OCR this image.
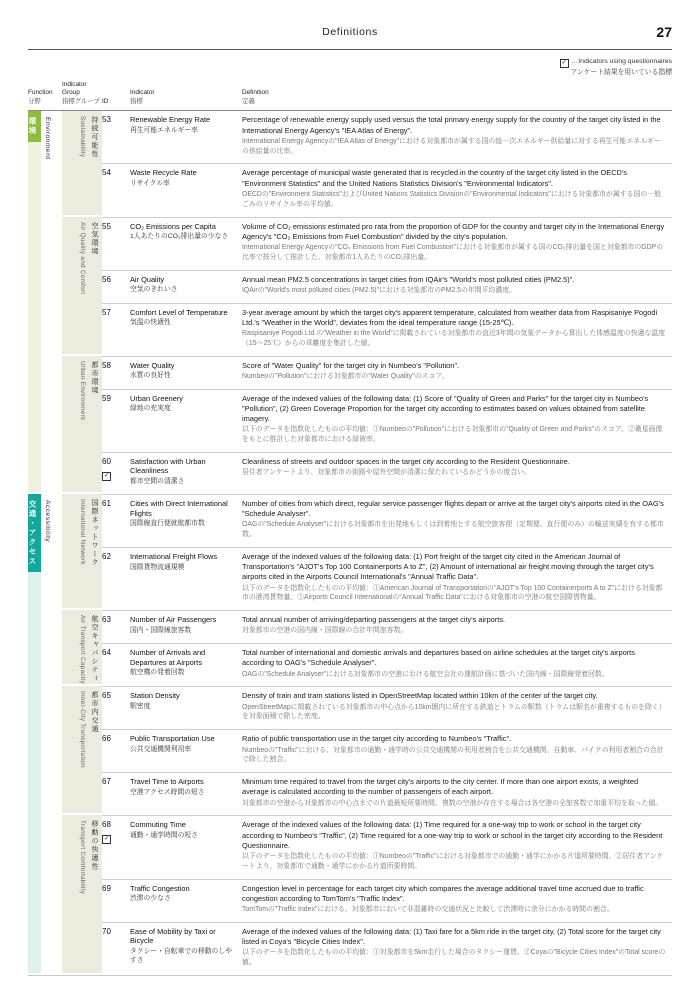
Definitions	27
✓ …Indicators using questionnaires
アンケート結果を用いている指標
Function
分野
Indicator Group
指標グループ ID
Indicator
指標
Definition
定義
環境	Environment
交通・アクセス	Accessibility
持続可能性
Sustainability
空気環境
Air Quality and Comfort
都市環境
Urban Environment
国際ネットワーク
International Network
航空キャパシティ
Air Transport Capacity
都市内交通
Inner-City Transportation
移動の快適性
Transport Comfortability
53	Renewable Energy Rate
再生可能エネルギー率
Percentage of renewable energy supply used versus the total primary energy supply for the country of the target city listed in the International Energy Agency's "IEA Atlas of Energy".
International Energy Agencyの"IEA Atlas of Energy"における対象都市が属する国の総一次エネルギー供給量に対する再生可能エネルギーの供給量の比率。
54	Waste Recycle Rate
リサイクル率
Average percentage of municipal waste generated that is recycled in the country of the target city listed in the OECD's "Environment Statistics" and the United Nations Statistics Division's "Environmental Indicators".
OECDの"Environment Statistics"およびUnited Nations Statistics Divisionの"Environmental Indicators"における対象都市が属する国の一般ごみのリサイクル率の平均値。
55	CO₂ Emissions per Capita
1人あたりのCO₂排出量の少なさ
Volume of CO₂ emissions estimated pro rata from the proportion of GDP for the country and target city in the International Energy Agency's "CO₂ Emissions from Fuel Combustion" divided by the city's population.
International Energy Agencyの"CO₂ Emissions from Fuel Combustion"における対象都市が属する国のCO₂排出量を国と対象都市のGDPの比率で按分して推計した、対象都市1人あたりのCO₂排出量。
56	Air Quality
空気のきれいさ
Annual mean PM2.5 concentrations in target cities from IQAir's "World's most polluted cities (PM2.5)".
IQAirの"World's most polluted cities (PM2.5)"における対象都市のPM2.5の年間平均濃度。
57	Comfort Level of Temperature
気温の快適性
3-year average amount by which the target city's apparent temperature, calculated from weather data from Raspisaniye Pogodi Ltd.'s "Weather in the World", deviates from the ideal temperature range (15-25℃).
Raspisaniye Pogodi Ltd.の"Weather in the World"に掲載されている対象都市の直近3年間の気象データから算出した体感温度の快適な温度（15〜25℃）からの乖離度を集計した値。
58	Water Quality
水質の良好性
Score of "Water Quality" for the target city in Numbeo's "Pollution".
Numbeoの"Pollution"における対象都市の"Water Quality"のスコア。
59	Urban Greenery
緑地の充実度
Average of the indexed values of the following data: (1) Score of "Quality of Green and Parks" for the target city in Numbeo's "Pollution", (2) Green Coverage Proportion for the target city according to estimates based on values obtained from satellite imagery.
以下のデータを指数化したものの平均値：①Numbeoの"Pollution"における対象都市の"Quality of Green and Parks"のスコア、②衛星画像をもとに推計した対象都市における緑被率。
60
✓
Satisfaction with Urban Cleanliness
都市空間の清潔さ
Cleanliness of streets and outdoor spaces in the target city according to the Resident Questionnaire.
居住者アンケートより、対象都市の街路や屋外空間が清潔に保たれているかどうかの度合い。
61	Cities with Direct International Flights
国際線直行便就航都市数
Number of cities from which direct, regular service passenger flights depart or arrive at the target city's airports cited in the OAG's "Schedule Analyser".
OAGの"Schedule Analyser"における対象都市を出発地もしくは到着地とする航空旅客便（定期便、直行便のみ）の輸送実績を有する都市数。
62	International Freight Flows
国際貨物流通規模
Average of the indexed values of the following data: (1) Port freight of the target city cited in the American Journal of Transportation's "AJOT's Top 100 Containerports A to Z", (2) Amount of international air freight moving through the target city's airports cited in the Airports Council International's "Annual Traffic Data".
以下のデータを指数化したものの平均値：①American Journal of Transportationの"AJOT's Top 100 Containerports A to Z"における対象都市の港湾貨物量、②Airports Council Internationalの"Annual Traffic Data"における対象都市の空港の航空国際貨物量。
63	Number of Air Passengers
国内・国際線旅客数
Total annual number of arriving/departing passengers at the target city's airports.
対象都市の空港の国内線・国際線の合計年間旅客数。
64	Number of Arrivals and Departures at Airports
航空機の発着回数
Total number of international and domestic arrivals and departures based on airline schedules at the target city's airports according to OAG's "Schedule Analyser".
OAGの"Schedule Analyser"における対象都市の空港における航空会社の運航計画に基づいた国内線・国際線発着回数。
65	Station Density
駅密度
Density of train and tram stations listed in OpenStreetMap located within 10km of the center of the target city.
OpenStreetMapに掲載されている対象都市の中心点から10km圏内に所在する鉄道とトラムの駅数（トラムは駅名が重複するものを除く）を対象面積で除した密度。
66	Public Transportation Use
公共交通機関利用率
Ratio of public transportation use in the target city according to Numbeo's "Traffic".
Numbeoの"Traffic"における、対象都市の通勤・通学時の公共交通機関の利用者割合を公共交通機関、自動車、バイクの利用者割合の合計で除した割合。
67	Travel Time to Airports
空港アクセス時間の短さ
Minimum time required to travel from the target city's airports to the city center. If more than one airport exists, a weighted average is calculated according to the number of passengers of each airport.
対象都市の空港から対象都市の中心点までの片道最短所要時間。複数の空港が存在する場合は各空港の全旅客数で加重平均を取った値。
68
✓
Commuting Time
通勤・通学時間の短さ
Average of the indexed values of the following data: (1) Time required for a one-way trip to work or school in the target city according to Numbeo's "Traffic", (2) Time required for a one-way trip to work or school in the target city according to the Resident Questionnaire.
以下のデータを指数化したものの平均値：①Numbeoの"Traffic"における対象都市での通勤・通学にかかる片道所要時間、②居住者アンケートより、対象都市で通勤・通学にかかる片道所要時間。
69	Traffic Congestion
渋滞の少なさ
Congestion level in percentage for each target city which compares the average additional travel time accrued due to traffic congestion according to TomTom's "Traffic Index".
TomTomの"Traffic Index"における、対象都市において非混雑時の交通状況と比較して渋滞時に余分にかかる時間の割合。
70	Ease of Mobility by Taxi or Bicycle
タクシー・自転車での移動のしやすさ
Average of the indexed values of the following data: (1) Taxi fare for a 5km ride in the target city, (2) Total score for the target city listed in Coya's "Bicycle Cities Index".
以下のデータを指数化したものの平均値：①対象都市を5km走行した場合のタクシー運賃、②Coyaの"Bicycle Cities Index"のTotal scoreの値。
